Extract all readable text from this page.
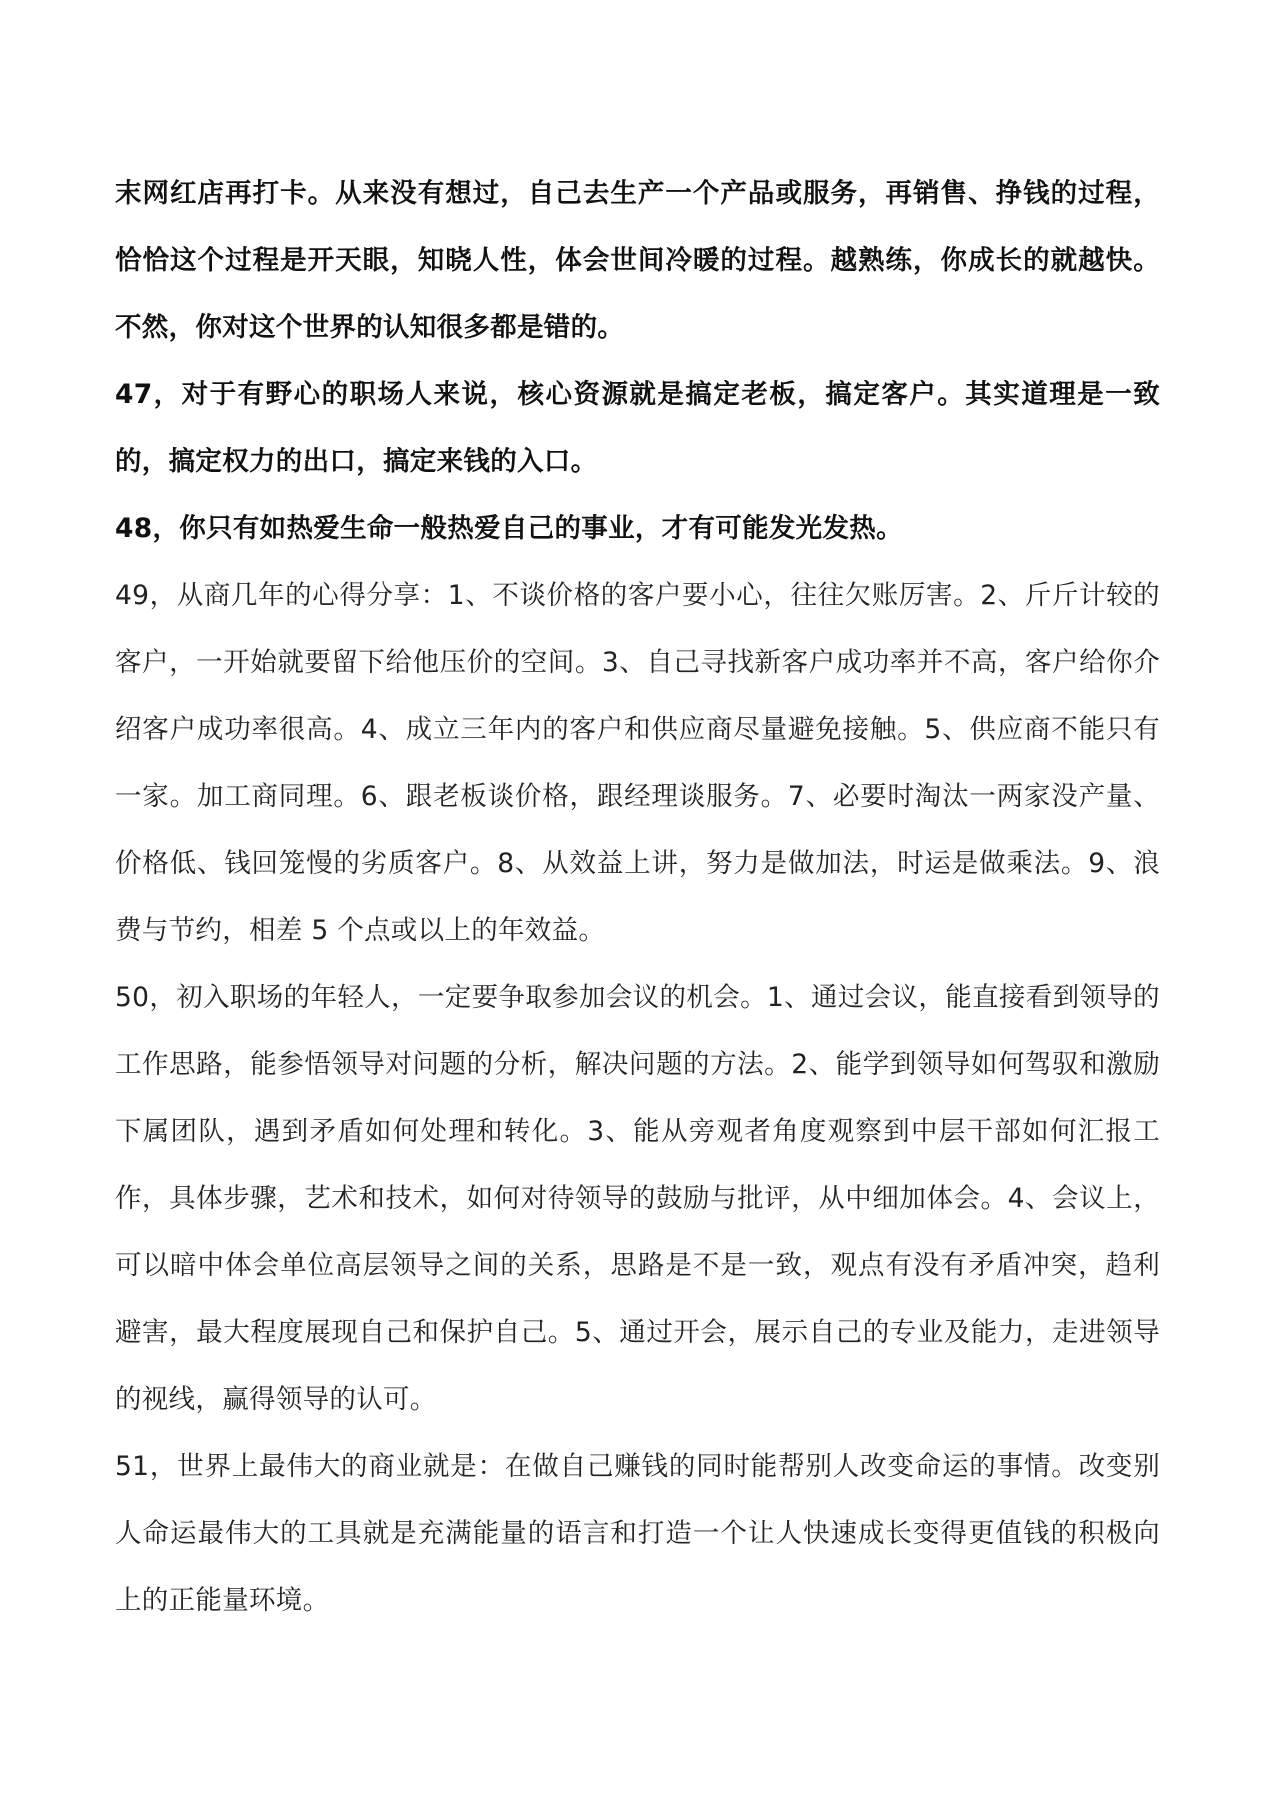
末网红店再打卡。从来没有想过，自己去生产一个产品或服务，再销售、挣钱的过程，恰恰这个过程是开天眼，知晓人性，体会世间冷暖的过程。越熟练，你成长的就越快。不然，你对这个世界的认知很多都是错的。

47，对于有野心的职场人来说，核心资源就是搞定老板，搞定客户。其实道理是一致的，搞定权力的出口，搞定来钱的入口。

48，你只有如热爱生命一般热爱自己的事业，才有可能发光发热。

49，从商几年的心得分享：1、不谈价格的客户要小心，往往欠账厉害。2、斤斤计较的客户，一开始就要留下给他压价的空间。3、自己寻找新客户成功率并不高，客户给你介绍客户成功率很高。4、成立三年内的客户和供应商尽量避免接触。5、供应商不能只有一家。加工商同理。6、跟老板谈价格，跟经理谈服务。7、必要时淘汰一两家没产量、价格低、钱回笼慢的劣质客户。8、从效益上讲，努力是做加法，时运是做乘法。9、浪费与节约，相差 5 个点或以上的年效益。

50，初入职场的年轻人，一定要争取参加会议的机会。1、通过会议，能直接看到领导的工作思路，能参悟领导对问题的分析，解决问题的方法。2、能学到领导如何驾驭和激励下属团队，遇到矛盾如何处理和转化。3、能从旁观者角度观察到中层干部如何汇报工作，具体步骤，艺术和技术，如何对待领导的鼓励与批评，从中细加体会。4、会议上，可以暗中体会单位高层领导之间的关系，思路是不是一致，观点有没有矛盾冲突，趋利避害，最大程度展现自己和保护自己。5、通过开会，展示自己的专业及能力，走进领导的视线，赢得领导的认可。

51，世界上最伟大的商业就是：在做自己赚钱的同时能帮别人改变命运的事情。改变别人命运最伟大的工具就是充满能量的语言和打造一个让人快速成长变得更值钱的积极向上的正能量环境。
